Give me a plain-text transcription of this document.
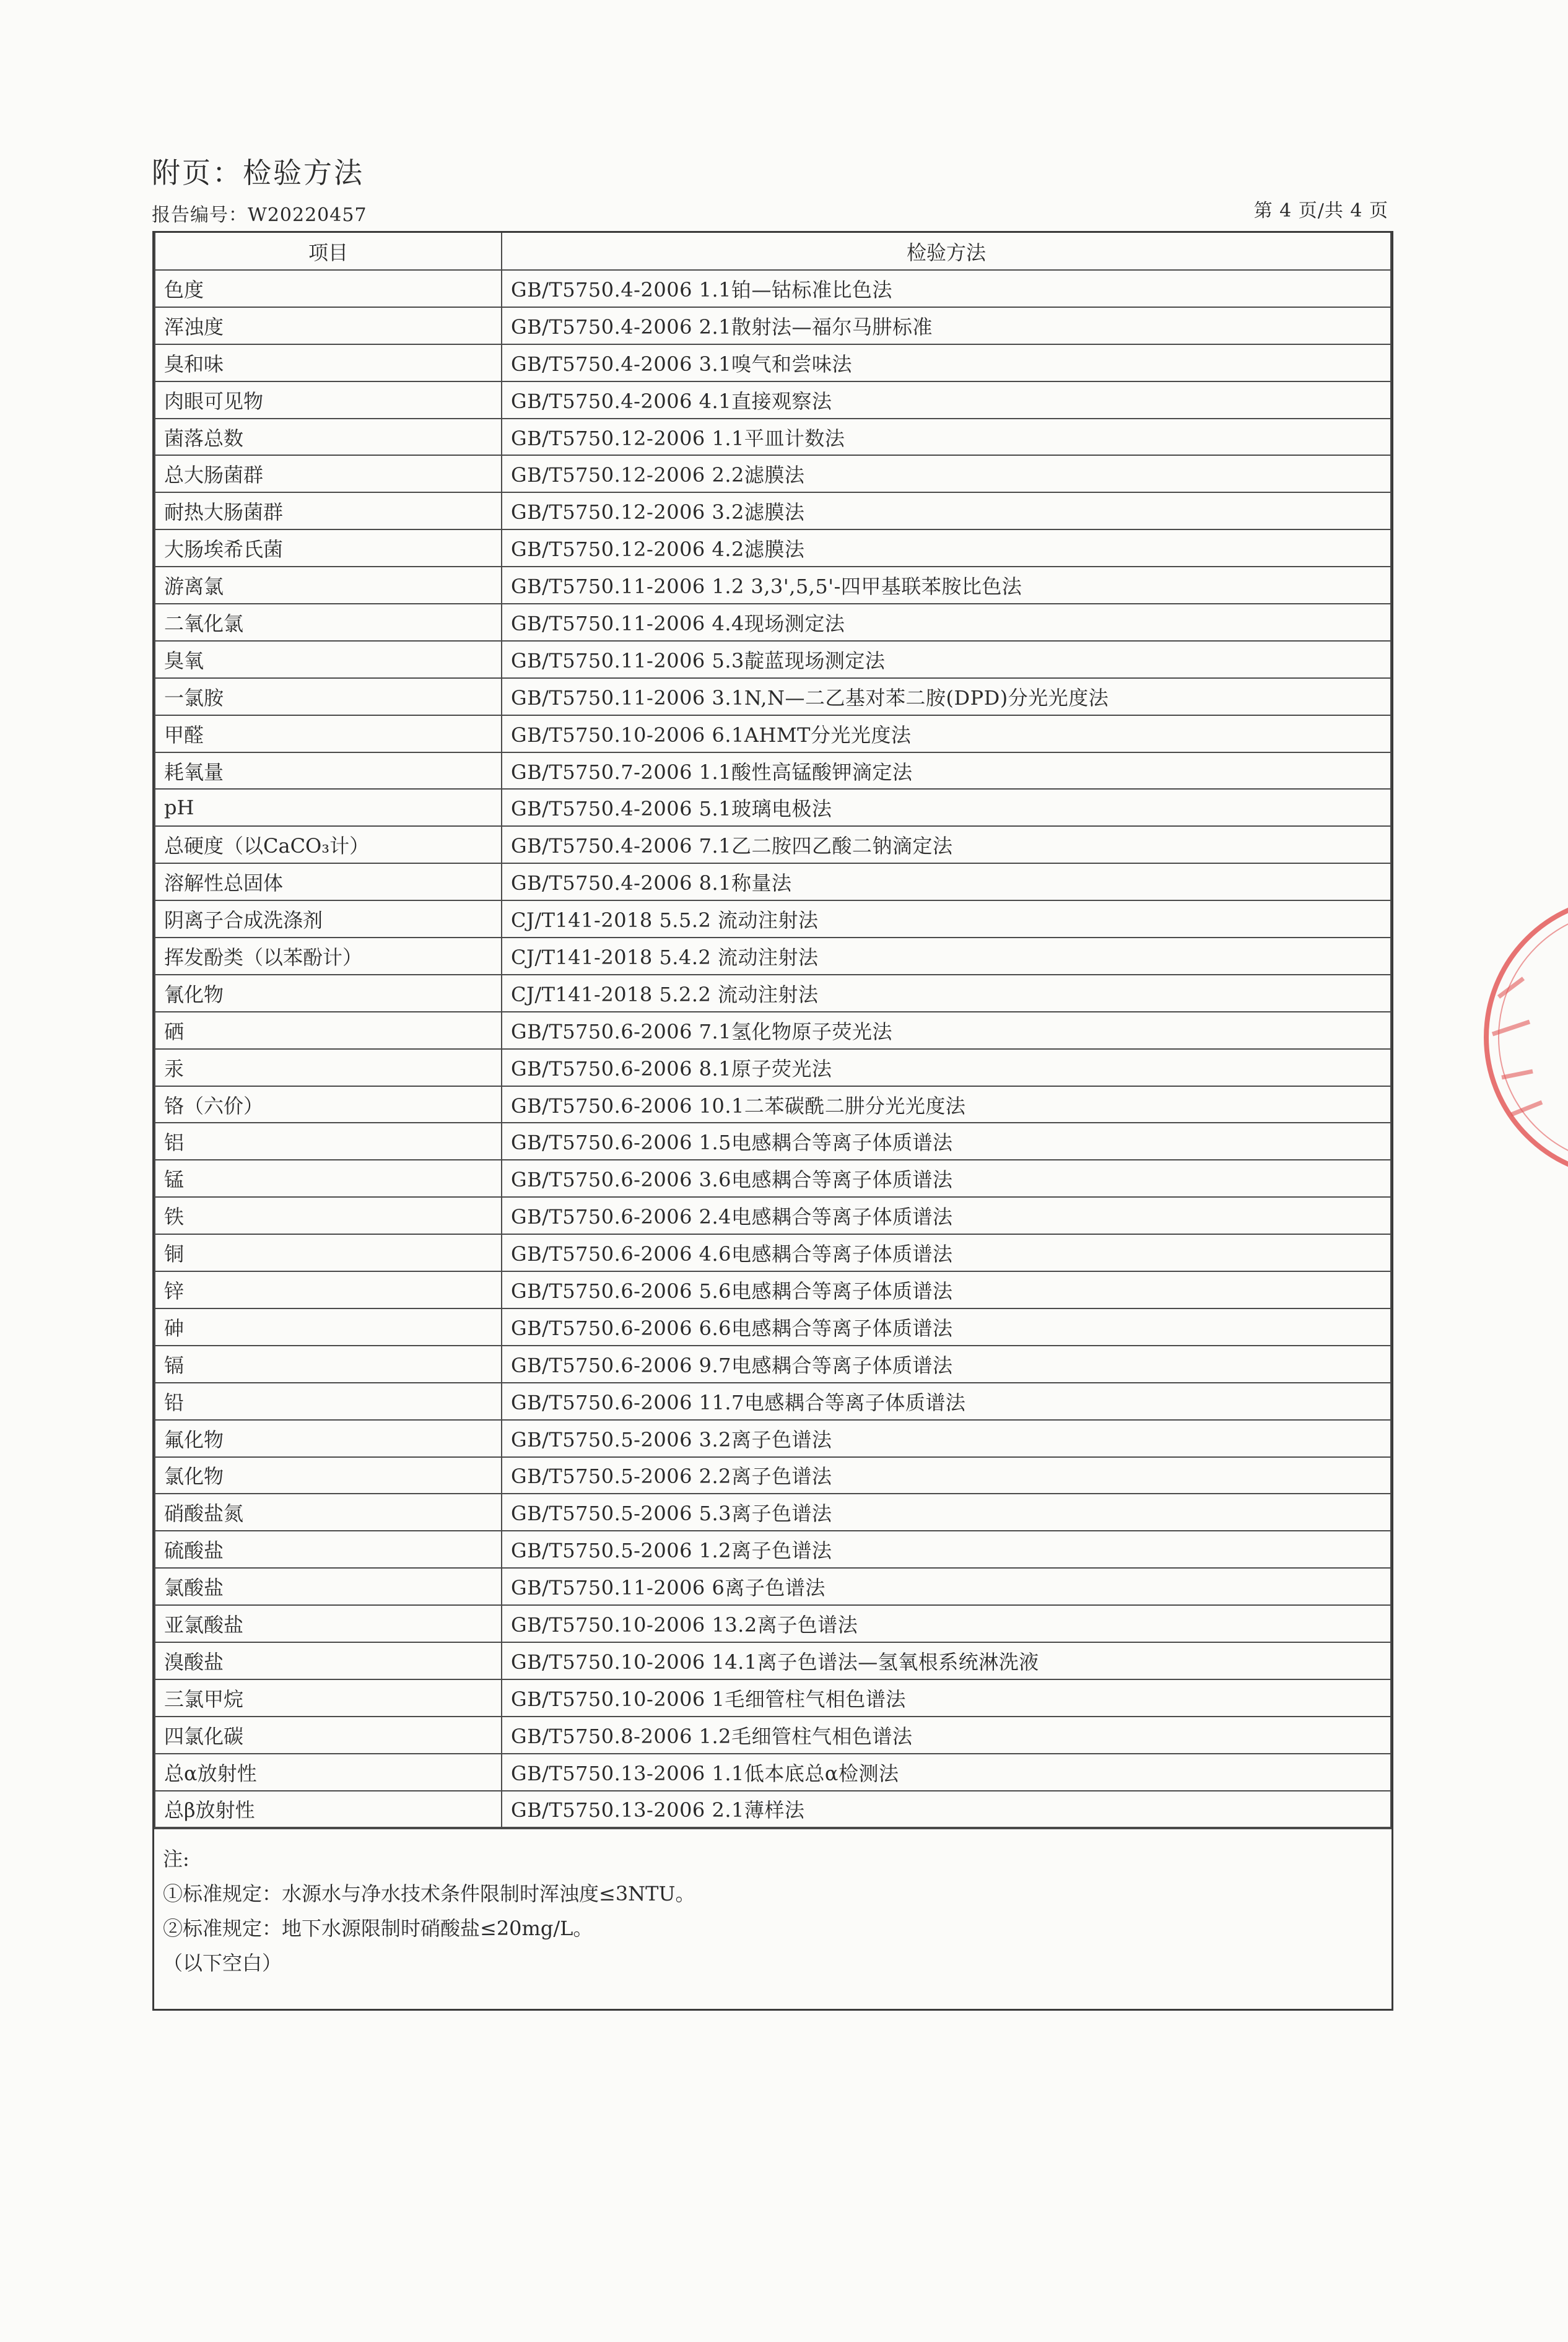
附页：检验方法
报告编号：W20220457	第 4 页/共 4 页
项目	检验方法
色度	GB/T5750.4-2006 1.1铂—钴标准比色法
浑浊度	GB/T5750.4-2006 2.1散射法—福尔马肼标准
臭和味	GB/T5750.4-2006 3.1嗅气和尝味法
肉眼可见物	GB/T5750.4-2006 4.1直接观察法
菌落总数	GB/T5750.12-2006 1.1平皿计数法
总大肠菌群	GB/T5750.12-2006 2.2滤膜法
耐热大肠菌群	GB/T5750.12-2006 3.2滤膜法
大肠埃希氏菌	GB/T5750.12-2006 4.2滤膜法
游离氯	GB/T5750.11-2006 1.2 3,3',5,5'-四甲基联苯胺比色法
二氧化氯	GB/T5750.11-2006 4.4现场测定法
臭氧	GB/T5750.11-2006 5.3靛蓝现场测定法
一氯胺	GB/T5750.11-2006 3.1N,N—二乙基对苯二胺(DPD)分光光度法
甲醛	GB/T5750.10-2006 6.1AHMT分光光度法
耗氧量	GB/T5750.7-2006 1.1酸性高锰酸钾滴定法
pH	GB/T5750.4-2006 5.1玻璃电极法
总硬度（以CaCO₃计）	GB/T5750.4-2006 7.1乙二胺四乙酸二钠滴定法
溶解性总固体	GB/T5750.4-2006 8.1称量法
阴离子合成洗涤剂	CJ/T141-2018 5.5.2 流动注射法
挥发酚类（以苯酚计）	CJ/T141-2018 5.4.2 流动注射法
氰化物	CJ/T141-2018 5.2.2 流动注射法
硒	GB/T5750.6-2006 7.1氢化物原子荧光法
汞	GB/T5750.6-2006 8.1原子荧光法
铬（六价）	GB/T5750.6-2006 10.1二苯碳酰二肼分光光度法
铝	GB/T5750.6-2006 1.5电感耦合等离子体质谱法
锰	GB/T5750.6-2006 3.6电感耦合等离子体质谱法
铁	GB/T5750.6-2006 2.4电感耦合等离子体质谱法
铜	GB/T5750.6-2006 4.6电感耦合等离子体质谱法
锌	GB/T5750.6-2006 5.6电感耦合等离子体质谱法
砷	GB/T5750.6-2006 6.6电感耦合等离子体质谱法
镉	GB/T5750.6-2006 9.7电感耦合等离子体质谱法
铅	GB/T5750.6-2006 11.7电感耦合等离子体质谱法
氟化物	GB/T5750.5-2006 3.2离子色谱法
氯化物	GB/T5750.5-2006 2.2离子色谱法
硝酸盐氮	GB/T5750.5-2006 5.3离子色谱法
硫酸盐	GB/T5750.5-2006 1.2离子色谱法
氯酸盐	GB/T5750.11-2006 6离子色谱法
亚氯酸盐	GB/T5750.10-2006 13.2离子色谱法
溴酸盐	GB/T5750.10-2006 14.1离子色谱法—氢氧根系统淋洗液
三氯甲烷	GB/T5750.10-2006 1毛细管柱气相色谱法
四氯化碳	GB/T5750.8-2006 1.2毛细管柱气相色谱法
总α放射性	GB/T5750.13-2006 1.1低本底总α检测法
总β放射性	GB/T5750.13-2006 2.1薄样法
注:
①标准规定：水源水与净水技术条件限制时浑浊度≤3NTU。
②标准规定：地下水源限制时硝酸盐≤20mg/L。
（以下空白）
